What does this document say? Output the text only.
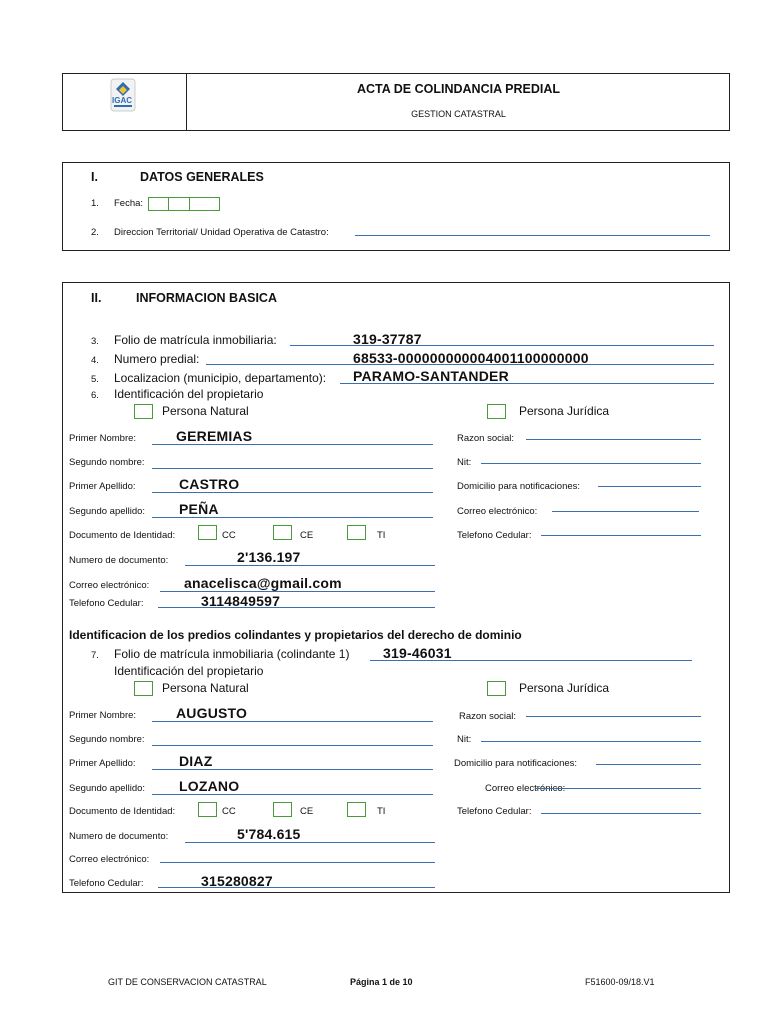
IGAC
ACTA DE COLINDANCIA PREDIAL
GESTION CATASTRAL
I.	DATOS GENERALES
1. Fecha:
2. Direccion Territorial/ Unidad Operativa de Catastro:
II.	INFORMACION BASICA
3. Folio de matrícula inmobiliaria:	319-37787
4. Numero predial:	68533-000000000004001100000000
5. Localizacion (municipio, departamento): PARAMO-SANTANDER
6. Identificación del propietario
Persona Natural	Persona Jurídica
Primer Nombre:	GEREMIAS
Segundo nombre:
Primer Apellido:	CASTRO
Segundo apellido: PEÑA
Documento de Identidad:	CC	CE	TI
Numero de documento:	2'136.197
Correo electrónico: anacelisca@gmail.com
Telefono Cedular:	3114849597
Razon social:
Nit:
Domicilio para notificaciones:
Correo electrónico:
Telefono Cedular:
Identificacion de los predios colindantes y propietarios del derecho de dominio
7. Folio de matrícula inmobiliaria (colindante 1) 319-46031
Identificación del propietario
Persona Natural	Persona Jurídica
Primer Nombre:	AUGUSTO
Segundo nombre:
Primer Apellido:	DIAZ
Segundo apellido: LOZANO
Documento de Identidad:	CC	CE	TI
Numero de documento:	5'784.615
Correo electrónico:
Telefono Cedular:	315280827
Razon social:
Nit:
Domicilio para notificaciones:
Correo electrónico:
Telefono Cedular:
GIT DE CONSERVACION CATASTRAL	Página 1 de 10	F51600-09/18.V1
